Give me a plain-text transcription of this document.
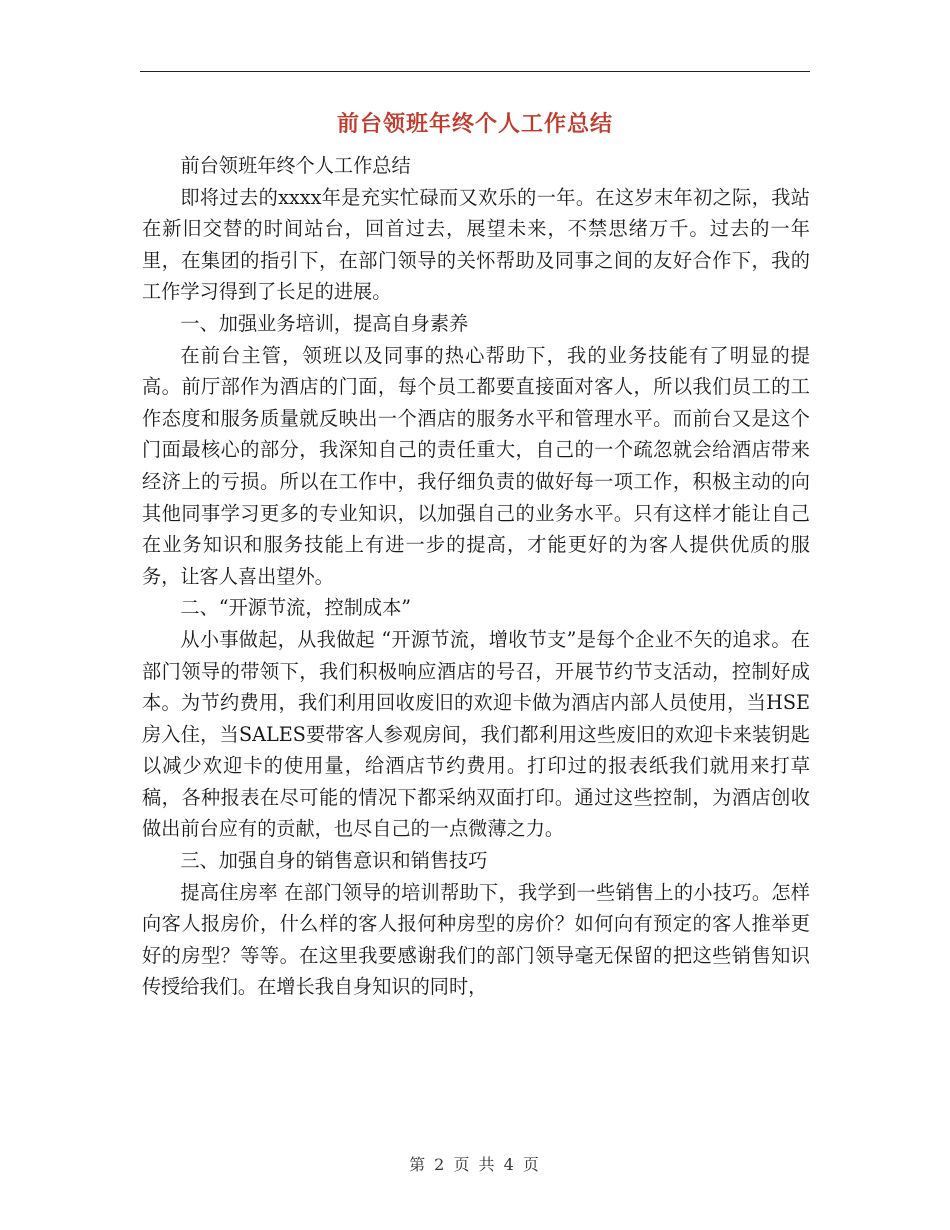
前台领班年终个人工作总结

前台领班年终个人工作总结

即将过去的xxxx年是充实忙碌而又欢乐的一年。在这岁末年初之际，我站在新旧交替的时间站台，回首过去，展望未来，不禁思绪万千。过去的一年里，在集团的指引下，在部门领导的关怀帮助及同事之间的友好合作下，我的工作学习得到了长足的进展。

一、加强业务培训，提高自身素养

在前台主管，领班以及同事的热心帮助下，我的业务技能有了明显的提高。前厅部作为酒店的门面，每个员工都要直接面对客人，所以我们员工的工作态度和服务质量就反映出一个酒店的服务水平和管理水平。而前台又是这个门面最核心的部分，我深知自己的责任重大，自己的一个疏忽就会给酒店带来经济上的亏损。所以在工作中，我仔细负责的做好每一项工作，积极主动的向其他同事学习更多的专业知识，以加强自己的业务水平。只有这样才能让自己在业务知识和服务技能上有进一步的提高，才能更好的为客人提供优质的服务，让客人喜出望外。

二、“开源节流，控制成本”

从小事做起，从我做起 “开源节流，增收节支”是每个企业不矢的追求。在部门领导的带领下，我们积极响应酒店的号召，开展节约节支活动，控制好成本。为节约费用，我们利用回收废旧的欢迎卡做为酒店内部人员使用，当HSE房入住，当SALES要带客人参观房间，我们都利用这些废旧的欢迎卡来装钥匙以减少欢迎卡的使用量，给酒店节约费用。打印过的报表纸我们就用来打草稿，各种报表在尽可能的情况下都采纳双面打印。通过这些控制，为酒店创收做出前台应有的贡献，也尽自己的一点微薄之力。

三、加强自身的销售意识和销售技巧

提高住房率 在部门领导的培训帮助下，我学到一些销售上的小技巧。怎样向客人报房价，什么样的客人报何种房型的房价？如何向有预定的客人推举更好的房型？等等。在这里我要感谢我们的部门领导毫无保留的把这些销售知识传授给我们。在增长我自身知识的同时，

第 2 页 共 4 页
